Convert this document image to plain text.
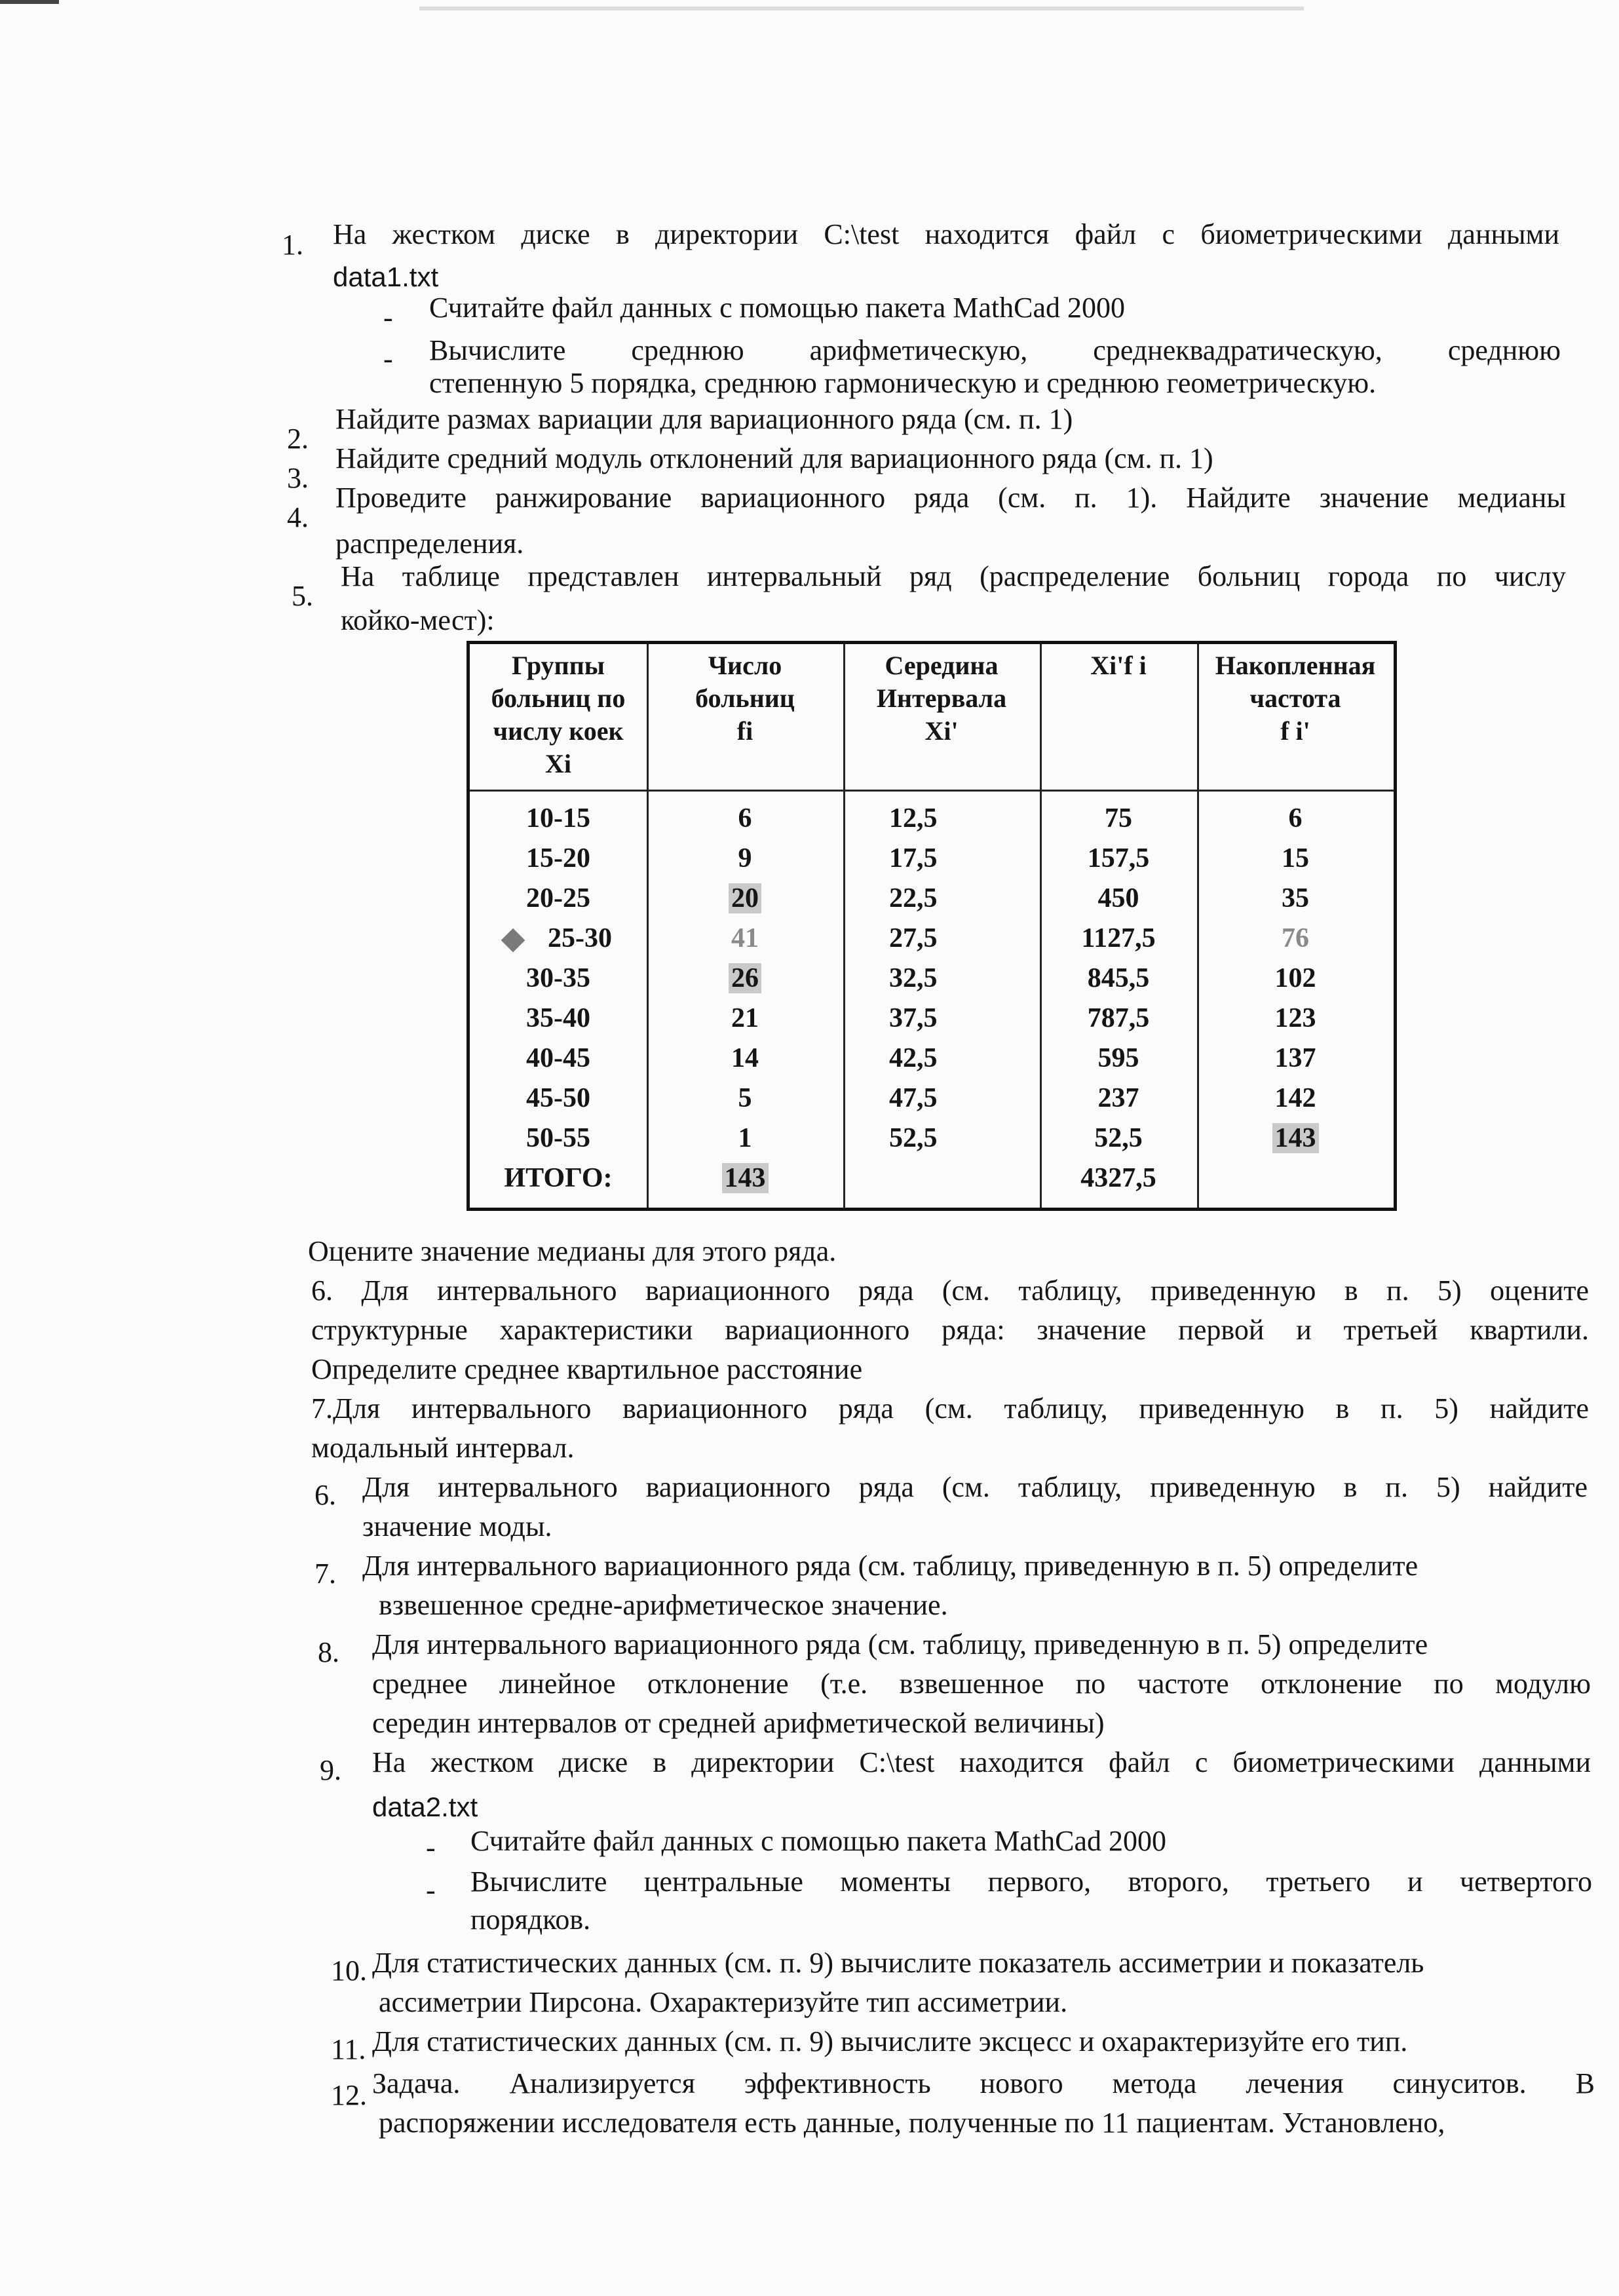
1. На жестком диске в директории C:\test находится файл с биометрическими данными
data1.txt
- Считайте файл данных с помощью пакета MathCad 2000
- Вычислите среднюю арифметическую, среднеквадратическую, среднюю
степенную 5 порядка, среднюю гармоническую и среднюю геометрическую.
2.
Найдите размах вариации для вариационного ряда (см. п. 1)
3.
Найдите средний модуль отклонений для вариационного ряда (см. п. 1)
4.
Проведите ранжирование вариационного ряда (см. п. 1). Найдите значение медианы
распределения.
5.
На таблице представлен интервальный ряд (распределение больниц города по числу
койко-мест):
Группы
больниц по
числу коек
Xi
Число
больниц
fi
Середина
Интервала
Xi'
Xi'f i	Накопленная
частота
f i'
10-15
15-20
20-25
25-30
30-35
35-40
40-45
45-50
50-55
ИТОГО:
6
9
20
41
26
21
14
5
1
143
12,5
17,5
22,5
27,5
32,5
37,5
42,5
47,5
52,5
75
157,5
450
1127,5
845,5
787,5
595
237
52,5
4327,5
6
15
35
76
102
123
137
142
143
Оцените значение медианы для этого ряда.
6. Для интервального вариационного ряда (см. таблицу, приведенную в п. 5) оцените
структурные характеристики вариационного ряда: значение первой и третьей квартили.
Определите среднее квартильное расстояние
7.Для интервального вариационного ряда (см. таблицу, приведенную в п. 5) найдите
модальный интервал.
6. Для интервального вариационного ряда (см. таблицу, приведенную в п. 5) найдите
значение моды.
7. Для интервального вариационного ряда (см. таблицу, приведенную в п. 5) определите
взвешенное средне-арифметическое значение.
8. Для интервального вариационного ряда (см. таблицу, приведенную в п. 5) определите
среднее линейное отклонение (т.е. взвешенное по частоте отклонение по модулю
середин интервалов от средней арифметической величины)
9. На жестком диске в директории C:\test находится файл с биометрическими данными
data2.txt
- Считайте файл данных с помощью пакета MathCad 2000
- Вычислите центральные моменты первого, второго, третьего и четвертого
порядков.
10. Для статистических данных (см. п. 9) вычислите показатель ассиметрии и показатель
ассиметрии Пирсона. Охарактеризуйте тип ассиметрии.
11. Для статистических данных (см. п. 9) вычислите эксцесс и охарактеризуйте его тип.
12. Задача. Анализируется эффективность нового метода лечения синуситов. В
распоряжении исследователя есть данные, полученные по 11 пациентам. Установлено,
